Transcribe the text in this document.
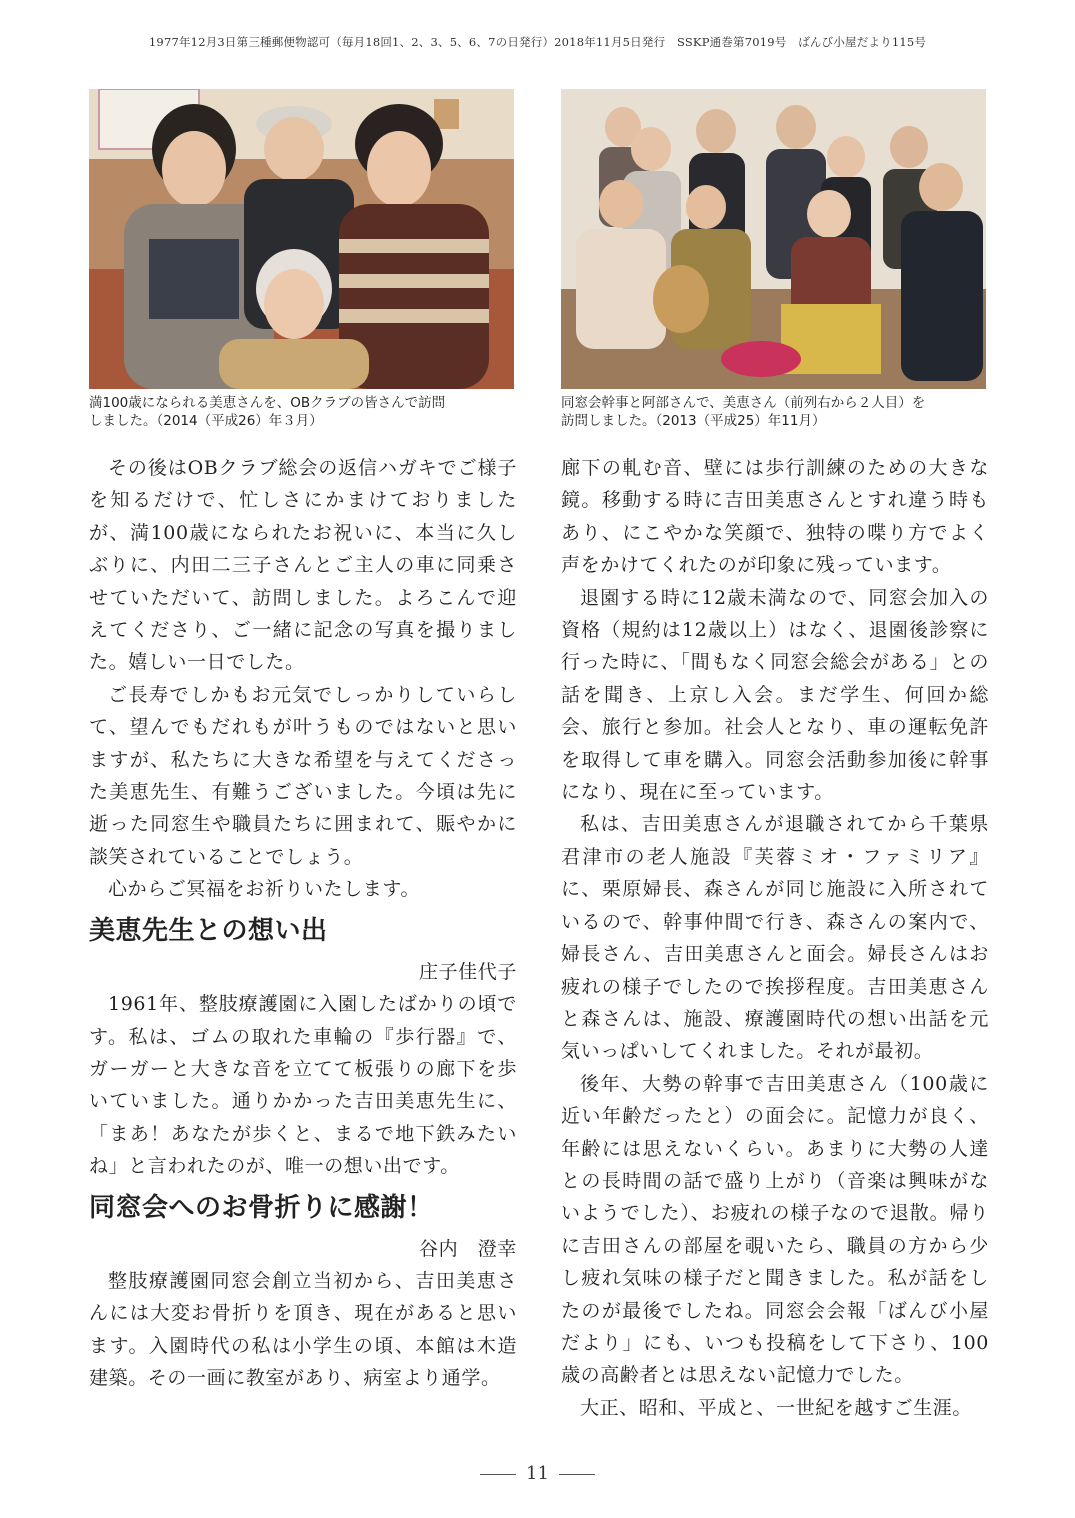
1977年12月3日第三種郵便物認可（毎月18回1、2、3、5、6、7の日発行）2018年11月5日発行　SSKP通巻第7019号　ばんび小屋だより115号
満100歳になられる美恵さんを、OBクラブの皆さんで訪問
しました。（2014（平成26）年３月）
同窓会幹事と阿部さんで、美恵さん（前列右から２人目）を
訪問しました。（2013（平成25）年11月）

その後はOBクラブ総会の返信ハガキでご様子を知るだけで、忙しさにかまけておりましたが、満100歳になられたお祝いに、本当に久しぶりに、内田二三子さんとご主人の車に同乗させていただいて、訪問しました。よろこんで迎えてくださり、ご一緒に記念の写真を撮りました。嬉しい一日でした。

ご長寿でしかもお元気でしっかりしていらして、望んでもだれもが叶うものではないと思いますが、私たちに大きな希望を与えてくださった美恵先生、有難うございました。今頃は先に逝った同窓生や職員たちに囲まれて、賑やかに談笑されていることでしょう。

心からご冥福をお祈りいたします。

美恵先生との想い出

庄子佳代子

1961年、整肢療護園に入園したばかりの頃です。私は、ゴムの取れた車輪の『歩行器』で、ガーガーと大きな音を立てて板張りの廊下を歩いていました。通りかかった吉田美恵先生に、「まあ！あなたが歩くと、まるで地下鉄みたいね」と言われたのが、唯一の想い出です。

同窓会へのお骨折りに感謝！

谷内　澄幸

整肢療護園同窓会創立当初から、吉田美恵さんには大変お骨折りを頂き、現在があると思います。入園時代の私は小学生の頃、本館は木造建築。その一画に教室があり、病室より通学。

廊下の軋む音、壁には歩行訓練のための大きな鏡。移動する時に吉田美恵さんとすれ違う時もあり、にこやかな笑顔で、独特の喋り方でよく声をかけてくれたのが印象に残っています。

退園する時に12歳未満なので、同窓会加入の資格（規約は12歳以上）はなく、退園後診察に行った時に、「間もなく同窓会総会がある」との話を聞き、上京し入会。まだ学生、何回か総会、旅行と参加。社会人となり、車の運転免許を取得して車を購入。同窓会活動参加後に幹事になり、現在に至っています。

私は、吉田美恵さんが退職されてから千葉県君津市の老人施設『芙蓉ミオ・ファミリア』に、栗原婦長、森さんが同じ施設に入所されているので、幹事仲間で行き、森さんの案内で、婦長さん、吉田美恵さんと面会。婦長さんはお疲れの様子でしたので挨拶程度。吉田美恵さんと森さんは、施設、療護園時代の想い出話を元気いっぱいしてくれました。それが最初。

後年、大勢の幹事で吉田美恵さん（100歳に近い年齢だったと）の面会に。記憶力が良く、年齢には思えないくらい。あまりに大勢の人達との長時間の話で盛り上がり（音楽は興味がないようでした）、お疲れの様子なので退散。帰りに吉田さんの部屋を覗いたら、職員の方から少し疲れ気味の様子だと聞きました。私が話をしたのが最後でしたね。同窓会会報「ばんび小屋だより」にも、いつも投稿をして下さり、100歳の高齢者とは思えない記憶力でした。

大正、昭和、平成と、一世紀を越すご生涯。

11
